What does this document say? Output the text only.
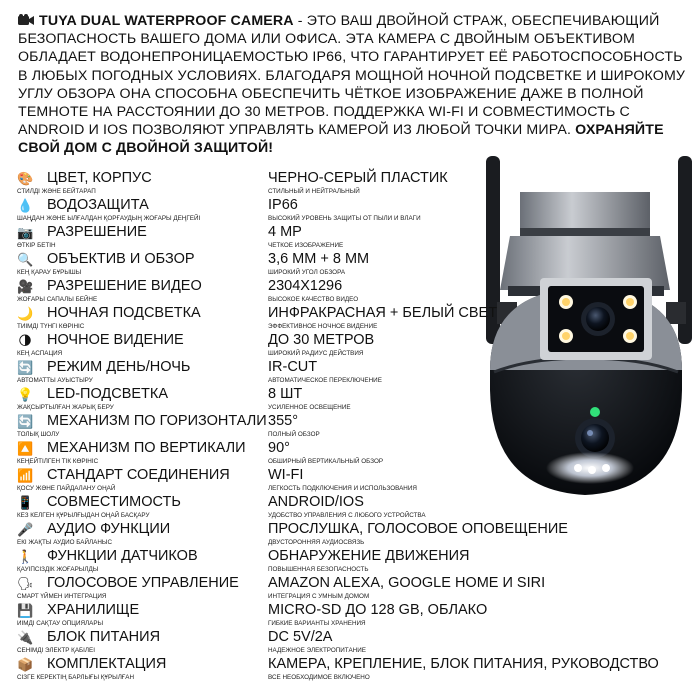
TUYA DUAL WATERPROOF CAMERA - ЭТО ВАШ ДВОЙНОЙ СТРАЖ, ОБЕСПЕЧИВАЮЩИЙ БЕЗОПАСНОСТЬ ВАШЕГО ДОМА ИЛИ ОФИСА. ЭТА КАМЕРА С ДВОЙНЫМ ОБЪЕКТИВОМ ОБЛАДАЕТ ВОДОНЕПРОНИЦАЕМОСТЬЮ IP66, ЧТО ГАРАНТИРУЕТ ЕЁ РАБОТОСПОСОБНОСТЬ В ЛЮБЫХ ПОГОДНЫХ УСЛОВИЯХ. БЛАГОДАРЯ МОЩНОЙ НОЧНОЙ ПОДСВЕТКЕ И ШИРОКОМУ УГЛУ ОБЗОРА ОНА СПОСОБНА ОБЕСПЕЧИТЬ ЧЁТКОЕ ИЗОБРАЖЕНИЕ ДАЖЕ В ПОЛНОЙ ТЕМНОТЕ НА РАССТОЯНИИ ДО 30 МЕТРОВ. ПОДДЕРЖКА WI-FI И СОВМЕСТИМОСТЬ С ANDROID И IOS ПОЗВОЛЯЮТ УПРАВЛЯТЬ КАМЕРОЙ ИЗ ЛЮБОЙ ТОЧКИ МИРА. ОХРАНЯЙТЕ СВОЙ ДОМ С ДВОЙНОЙ ЗАЩИТОЙ!
🎨 ЦВЕТ, КОРПУС
СТИЛДІ ЖӘНЕ БЕЙТАРАП
ЧЕРНО-СЕРЫЙ ПЛАСТИК
СТИЛЬНЫЙ И НЕЙТРАЛЬНЫЙ
💧 ВОДОЗАЩИТА
ШАҢДАН ЖӘНЕ ЫЛҒАЛДАН ҚОРҒАУДЫҢ ЖОҒАРЫ ДЕҢГЕЙІ
IP66
ВЫСОКИЙ УРОВЕНЬ ЗАЩИТЫ ОТ ПЫЛИ И ВЛАГИ
📷 РАЗРЕШЕНИЕ
ӨТКІР БЕТІН
4 МР
ЧЕТКОЕ ИЗОБРАЖЕНИЕ
🔍 ОБЪЕКТИВ И ОБЗОР
КЕҢ ҚАРАУ БҰРЫШЫ
3,6 ММ + 8 ММ
ШИРОКИЙ УГОЛ ОБЗОРА
🎥 РАЗРЕШЕНИЕ ВИДЕО
ЖОҒАРЫ САПАЛЫ БЕЙНЕ
2304X1296
ВЫСОКОЕ КАЧЕСТВО ВИДЕО
🌙 НОЧНАЯ ПОДСВЕТКА
ТИІМДІ ТҮНГІ КӨРІНІС
ИНФРАКРАСНАЯ + БЕЛЫЙ СВЕТ
ЭФФЕКТИВНОЕ НОЧНОЕ ВИДЕНИЕ
🌗 НОЧНОЕ ВИДЕНИЕ
КЕҢ АСПАЦИЯ
ДО 30 МЕТРОВ
ШИРОКИЙ РАДИУС ДЕЙСТВИЯ
🔄 РЕЖИМ ДЕНЬ/НОЧЬ
АВТОМАТТЫ АУЫСТЫРУ
IR-CUT
АВТОМАТИЧЕСКОЕ ПЕРЕКЛЮЧЕНИЕ
💡 LED-ПОДСВЕТКА
ЖАҚСЫРТЫЛҒАН ЖАРЫҚ БЕРУ
8 ШТ
УСИЛЕННОЕ ОСВЕЩЕНИЕ
🔄 МЕХАНИЗМ ПО ГОРИЗОНТАЛИ
ТОЛЫҚ ШОЛУ
355°
ПОЛНЫЙ ОБЗОР
🔼 МЕХАНИЗМ ПО ВЕРТИКАЛИ
КЕҢЕЙТІЛГЕН ТІК КӨРІНІС
90°
ОБШИРНЫЙ ВЕРТИКАЛЬНЫЙ ОБЗОР
📶 СТАНДАРТ СОЕДИНЕНИЯ
ҚОСУ ЖӘНЕ ПАЙДАЛАНУ ОҢАЙ
WI-FI
ЛЕГКОСТЬ ПОДКЛЮЧЕНИЯ И ИСПОЛЬЗОВАНИЯ
📱 СОВМЕСТИМОСТЬ
КЕЗ КЕЛГЕН ҚҰРЫЛҒЫДАН ОҢАЙ БАСҚАРУ
ANDROID/IOS
УДОБСТВО УПРАВЛЕНИЯ С ЛЮБОГО УСТРОЙСТВА
🎤 АУДИО ФУНКЦИИ
ЕКІ ЖАҚТЫ АУДИО БАЙЛАНЫС
ПРОСЛУШКА, ГОЛОСОВОЕ ОПОВЕЩЕНИЕ
ДВУСТОРОННЯЯ АУДИОСВЯЗЬ
🚶 ФУНКЦИИ ДАТЧИКОВ
ҚАУІПСІЗДІК ЖОҒАРЫЛДЫ
ОБНАРУЖЕНИЕ ДВИЖЕНИЯ
ПОВЫШЕННАЯ БЕЗОПАСНОСТЬ
🗣 ГОЛОСОВОЕ УПРАВЛЕНИЕ
СМАРТ ҮЙМЕН ИНТЕГРАЦИЯ
AMAZON ALEXA, GOOGLE HOME И SIRI
ИНТЕГРАЦИЯ С УМНЫМ ДОМОМ
💾 ХРАНИЛИЩЕ
ИІМДІ САҚТАУ ОПЦИЯЛАРЫ
MICRO-SD ДО 128 GB, ОБЛАКО
ГИБКИЕ ВАРИАНТЫ ХРАНЕНИЯ
🔌 БЛОК ПИТАНИЯ
СЕНІМДІ ЭЛЕКТР ҚАБІЛЕІ
DC 5V/2A
НАДЕЖНОЕ ЭЛЕКТРОПИТАНИЕ
📦 КОМПЛЕКТАЦИЯ
СІЗГЕ КЕРЕКТІҢ БАРЛЫҒЫ ҚҰРЫЛҒАН
КАМЕРА, КРЕПЛЕНИЕ, БЛОК ПИТАНИЯ, РУКОВОДСТВО
ВСЕ НЕОБХОДИМОЕ ВКЛЮЧЕНО
